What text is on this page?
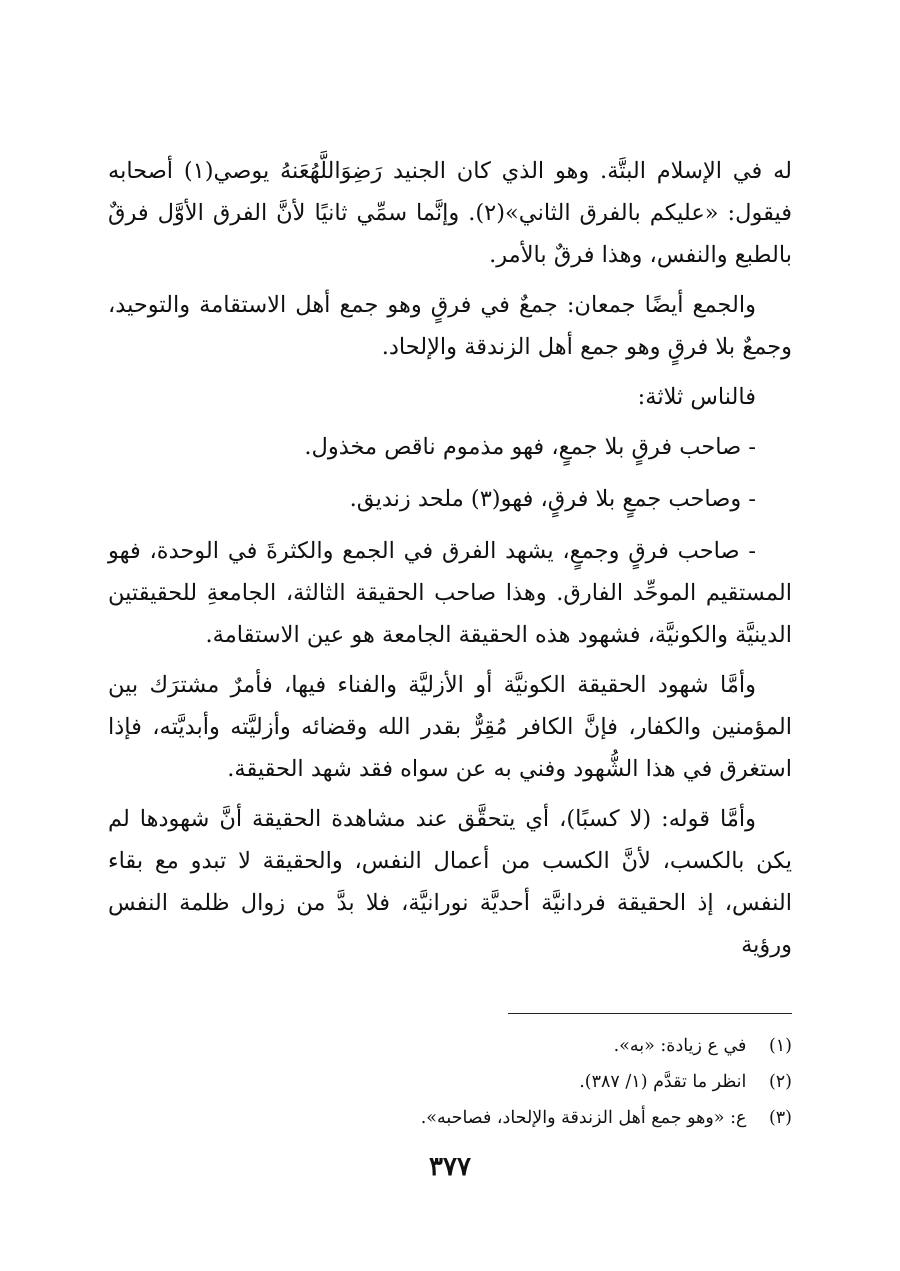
له في الإسلام البتَّة. وهو الذي كان الجنيد رَضِوَاللَّهُعَنهُ يوصي(١) أصحابه فيقول: «عليكم بالفرق الثاني»(٢). وإنَّما سمِّي ثانيًا لأنَّ الفرق الأوَّل فرقٌ بالطبع والنفس، وهذا فرقٌ بالأمر.

والجمع أيضًا جمعان: جمعٌ في فرقٍ وهو جمع أهل الاستقامة والتوحيد، وجمعٌ بلا فرقٍ وهو جمع أهل الزندقة والإلحاد.

فالناس ثلاثة:

- صاحب فرقٍ بلا جمعٍ، فهو مذموم ناقص مخذول.

- وصاحب جمعٍ بلا فرقٍ، فهو(٣) ملحد زنديق.

- صاحب فرقٍ وجمعٍ، يشهد الفرق في الجمع والكثرةَ في الوحدة، فهو المستقيم الموحِّد الفارق. وهذا صاحب الحقيقة الثالثة، الجامعةِ للحقيقتين الدينيَّة والكونيَّة، فشهود هذه الحقيقة الجامعة هو عين الاستقامة.

وأمَّا شهود الحقيقة الكونيَّة أو الأزليَّة والفناء فيها، فأمرٌ مشترَك بين المؤمنين والكفار، فإنَّ الكافر مُقِرٌّ بقدر الله وقضائه وأزليَّته وأبديَّته، فإذا استغرق في هذا الشُّهود وفني به عن سواه فقد شهد الحقيقة.

وأمَّا قوله: (لا كسبًا)، أي يتحقَّق عند مشاهدة الحقيقة أنَّ شهودها لم يكن بالكسب، لأنَّ الكسب من أعمال النفس، والحقيقة لا تبدو مع بقاء النفس، إذ الحقيقة فردانيَّة أحديَّة نورانيَّة، فلا بدَّ من زوال ظلمة النفس ورؤية

(١) في ع زيادة: «به».

(٢) انظر ما تقدَّم (١/ ٣٨٧).

(٣) ع: «وهو جمع أهل الزندقة والإلحاد، فصاحبه».

٣٧٧
